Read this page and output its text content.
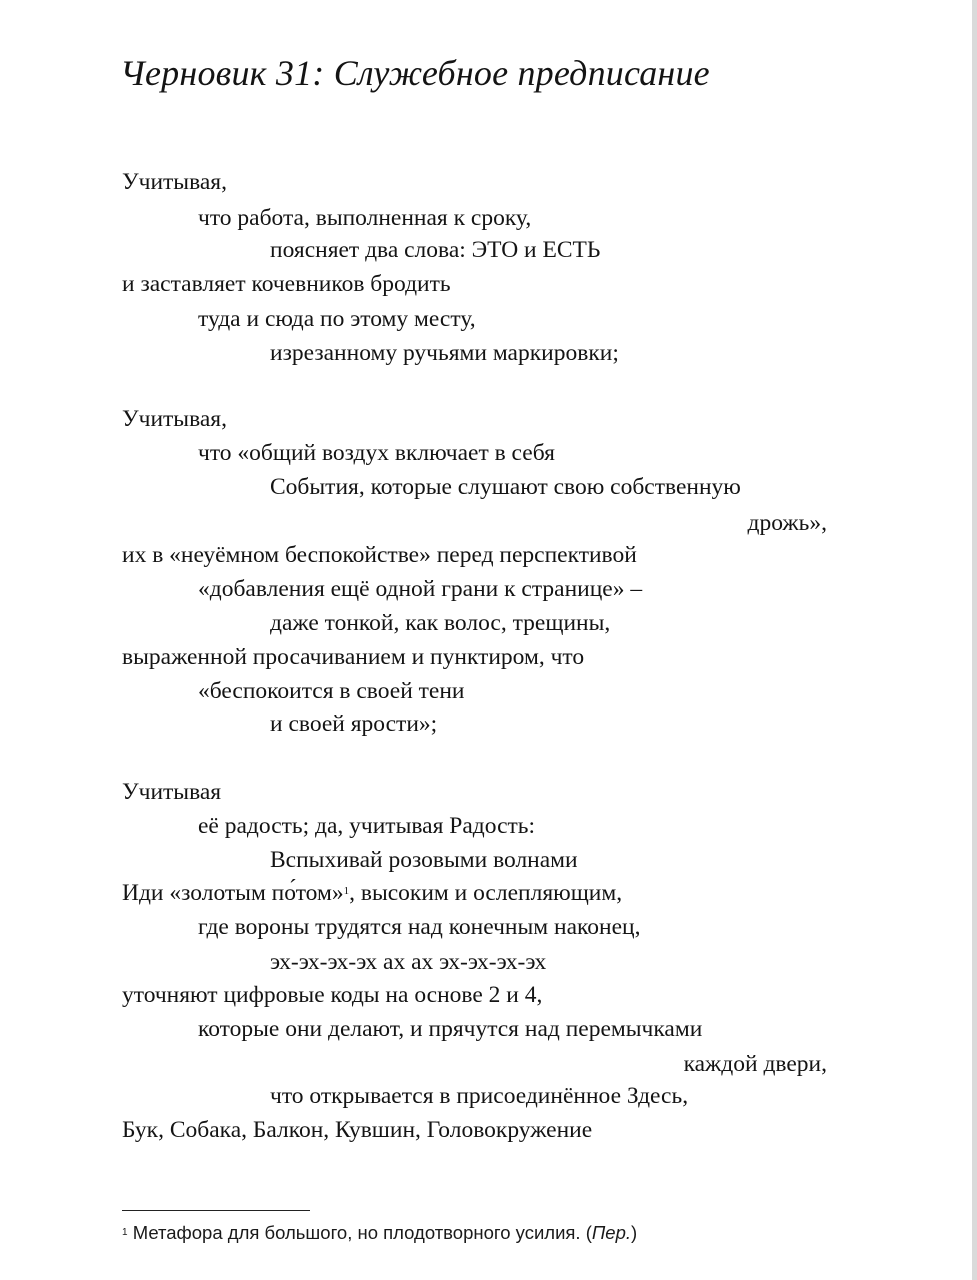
Черновик 31: Служебное предписание
Учитывая,
что работа, выполненная к сроку,
поясняет два слова: ЭТО и ЕСТЬ
и заставляет кочевников бродить
туда и сюда по этому месту,
изрезанному ручьями маркировки;
Учитывая,
что «общий воздух включает в себя
События, которые слушают свою собственную
дрожь»,
их в «неуёмном беспокойстве» перед перспективой
«добавления ещё одной грани к странице» –
даже тонкой, как волос, трещины,
выраженной просачиванием и пунктиром, что
«беспокоится в своей тени
и своей ярости»;
Учитывая
её радость; да, учитывая Радость:
Вспыхивай розовыми волнами
Иди «золотым по́том»$^1$, высоким и ослепляющим,
где вороны трудятся над конечным наконец,
эх-эх-эх-эх ах ах эх-эх-эх-эх
уточняют цифровые коды на основе 2 и 4,
которые они делают, и прячутся над перемычками
каждой двери,
что открывается в присоединённое Здесь,
Бук, Собака, Балкон, Кувшин, Головокружение
$^1$ Метафора для большого, но плодотворного усилия. (Пер.)
